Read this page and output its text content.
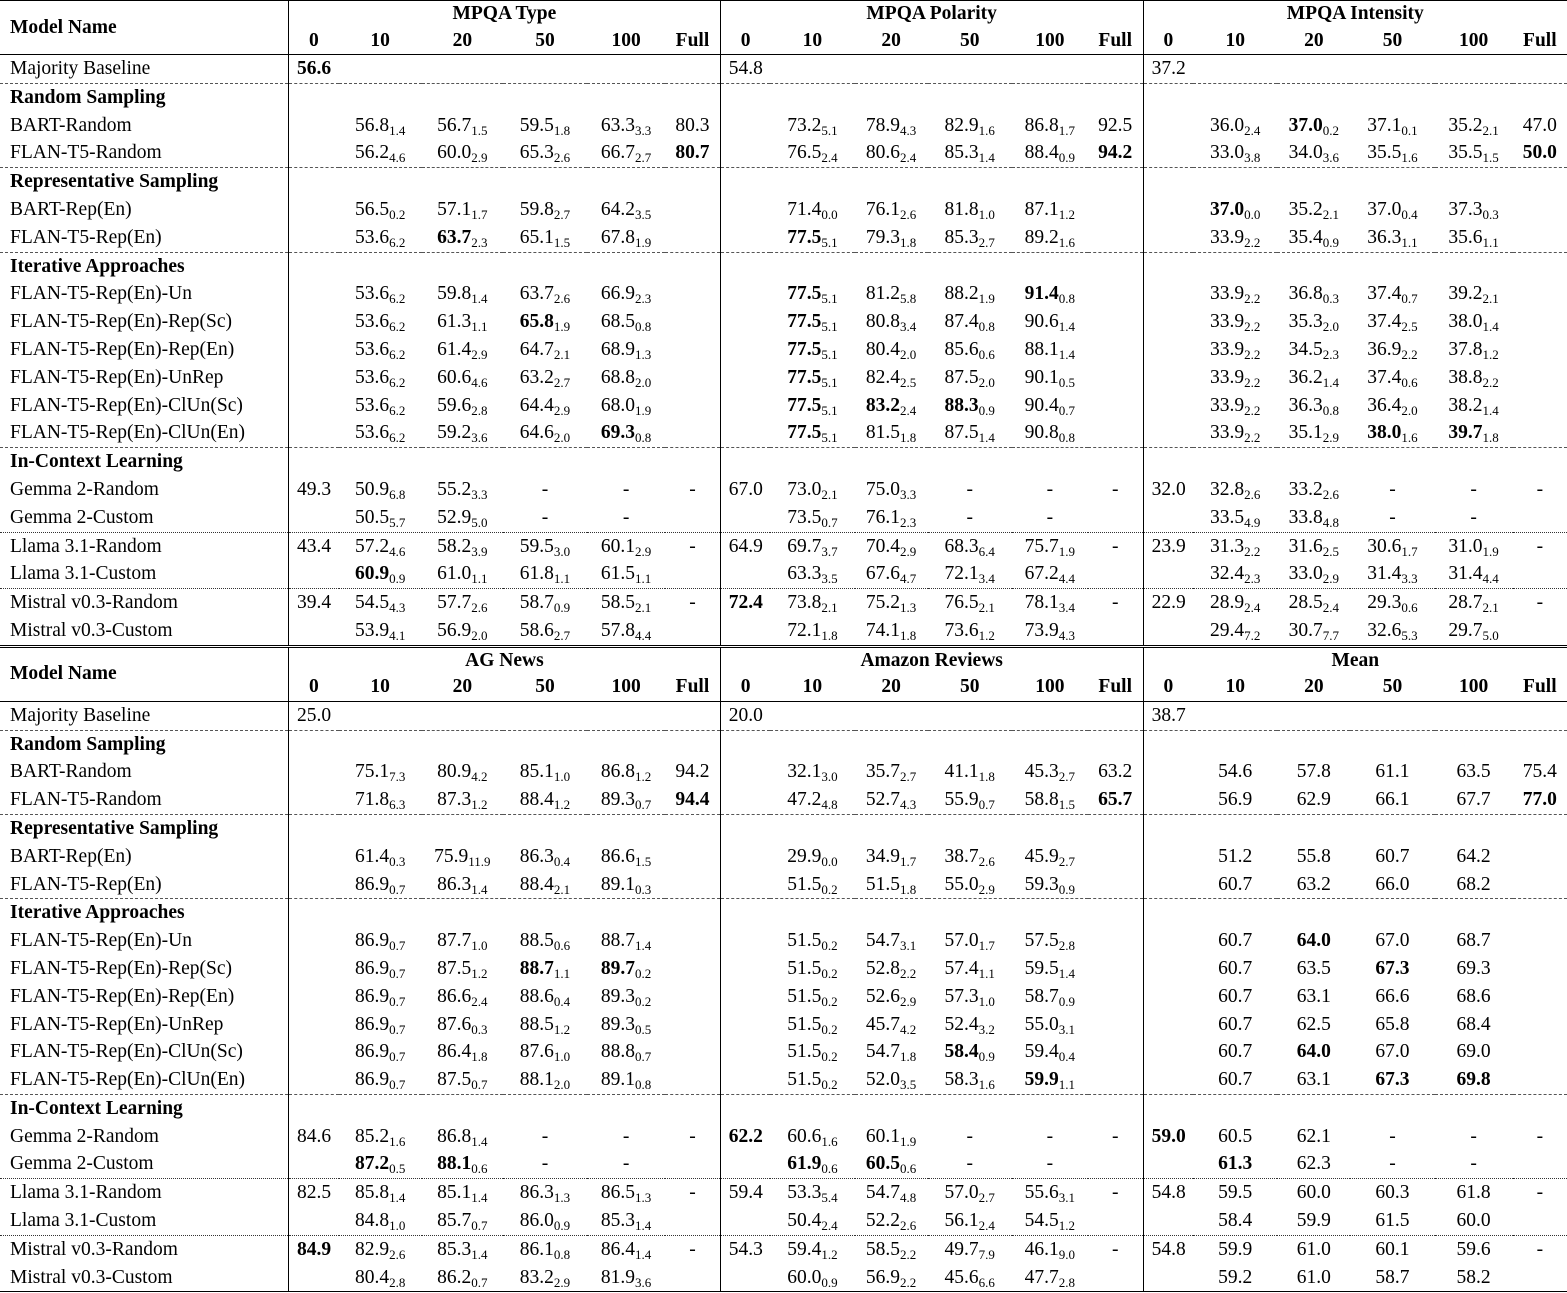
Model Name	MPQA Type						MPQA Polarity						MPQA Intensity					
	0	10	20	50	100	Full	0	10	20	50	100	Full	0	10	20	50	100	Full
Majority Baseline	56.6						54.8						37.2					
Random Sampling																		
BART-Random		$56.8_{1.4}$	$56.7_{1.5}$	$59.5_{1.8}$	$63.3_{3.3}$	80.3		$73.2_{5.1}$	$78.9_{4.3}$	$82.9_{1.6}$	$86.8_{1.7}$	92.5		$36.0_{2.4}$	$37.0_{0.2}$	$37.1_{0.1}$	$35.2_{2.1}$	47.0
FLAN-T5-Random		$56.2_{4.6}$	$60.0_{2.9}$	$65.3_{2.6}$	$66.7_{2.7}$	80.7		$76.5_{2.4}$	$80.6_{2.4}$	$85.3_{1.4}$	$88.4_{0.9}$	94.2		$33.0_{3.8}$	$34.0_{3.6}$	$35.5_{1.6}$	$35.5_{1.5}$	50.0
Representative Sampling																		
BART-Rep(En)		$56.5_{0.2}$	$57.1_{1.7}$	$59.8_{2.7}$	$64.2_{3.5}$			$71.4_{0.0}$	$76.1_{2.6}$	$81.8_{1.0}$	$87.1_{1.2}$			$37.0_{0.0}$	$35.2_{2.1}$	$37.0_{0.4}$	$37.3_{0.3}$	
FLAN-T5-Rep(En)		$53.6_{6.2}$	$63.7_{2.3}$	$65.1_{1.5}$	$67.8_{1.9}$			$77.5_{5.1}$	$79.3_{1.8}$	$85.3_{2.7}$	$89.2_{1.6}$			$33.9_{2.2}$	$35.4_{0.9}$	$36.3_{1.1}$	$35.6_{1.1}$	
Iterative Approaches																		
FLAN-T5-Rep(En)-Un		$53.6_{6.2}$	$59.8_{1.4}$	$63.7_{2.6}$	$66.9_{2.3}$			$77.5_{5.1}$	$81.2_{5.8}$	$88.2_{1.9}$	$91.4_{0.8}$			$33.9_{2.2}$	$36.8_{0.3}$	$37.4_{0.7}$	$39.2_{2.1}$	
FLAN-T5-Rep(En)-Rep(Sc)		$53.6_{6.2}$	$61.3_{1.1}$	$65.8_{1.9}$	$68.5_{0.8}$			$77.5_{5.1}$	$80.8_{3.4}$	$87.4_{0.8}$	$90.6_{1.4}$			$33.9_{2.2}$	$35.3_{2.0}$	$37.4_{2.5}$	$38.0_{1.4}$	
FLAN-T5-Rep(En)-Rep(En)		$53.6_{6.2}$	$61.4_{2.9}$	$64.7_{2.1}$	$68.9_{1.3}$			$77.5_{5.1}$	$80.4_{2.0}$	$85.6_{0.6}$	$88.1_{1.4}$			$33.9_{2.2}$	$34.5_{2.3}$	$36.9_{2.2}$	$37.8_{1.2}$	
FLAN-T5-Rep(En)-UnRep		$53.6_{6.2}$	$60.6_{4.6}$	$63.2_{2.7}$	$68.8_{2.0}$			$77.5_{5.1}$	$82.4_{2.5}$	$87.5_{2.0}$	$90.1_{0.5}$			$33.9_{2.2}$	$36.2_{1.4}$	$37.4_{0.6}$	$38.8_{2.2}$	
FLAN-T5-Rep(En)-ClUn(Sc)		$53.6_{6.2}$	$59.6_{2.8}$	$64.4_{2.9}$	$68.0_{1.9}$			$77.5_{5.1}$	$83.2_{2.4}$	$88.3_{0.9}$	$90.4_{0.7}$			$33.9_{2.2}$	$36.3_{0.8}$	$36.4_{2.0}$	$38.2_{1.4}$	
FLAN-T5-Rep(En)-ClUn(En)		$53.6_{6.2}$	$59.2_{3.6}$	$64.6_{2.0}$	$69.3_{0.8}$			$77.5_{5.1}$	$81.5_{1.8}$	$87.5_{1.4}$	$90.8_{0.8}$			$33.9_{2.2}$	$35.1_{2.9}$	$38.0_{1.6}$	$39.7_{1.8}$	
In-Context Learning																		
Gemma 2-Random	49.3	$50.9_{6.8}$	$55.2_{3.3}$	-	-	-	67.0	$73.0_{2.1}$	$75.0_{3.3}$	-	-	-	32.0	$32.8_{2.6}$	$33.2_{2.6}$	-	-	-
Gemma 2-Custom		$50.5_{5.7}$	$52.9_{5.0}$	-	-			$73.5_{0.7}$	$76.1_{2.3}$	-	-			$33.5_{4.9}$	$33.8_{4.8}$	-	-	
Llama 3.1-Random	43.4	$57.2_{4.6}$	$58.2_{3.9}$	$59.5_{3.0}$	$60.1_{2.9}$	-	64.9	$69.7_{3.7}$	$70.4_{2.9}$	$68.3_{6.4}$	$75.7_{1.9}$	-	23.9	$31.3_{2.2}$	$31.6_{2.5}$	$30.6_{1.7}$	$31.0_{1.9}$	-
Llama 3.1-Custom		$60.9_{0.9}$	$61.0_{1.1}$	$61.8_{1.1}$	$61.5_{1.1}$			$63.3_{3.5}$	$67.6_{4.7}$	$72.1_{3.4}$	$67.2_{4.4}$			$32.4_{2.3}$	$33.0_{2.9}$	$31.4_{3.3}$	$31.4_{4.4}$	
Mistral v0.3-Random	39.4	$54.5_{4.3}$	$57.7_{2.6}$	$58.7_{0.9}$	$58.5_{2.1}$	-	72.4	$73.8_{2.1}$	$75.2_{1.3}$	$76.5_{2.1}$	$78.1_{3.4}$	-	22.9	$28.9_{2.4}$	$28.5_{2.4}$	$29.3_{0.6}$	$28.7_{2.1}$	-
Mistral v0.3-Custom		$53.9_{4.1}$	$56.9_{2.0}$	$58.6_{2.7}$	$57.8_{4.4}$			$72.1_{1.8}$	$74.1_{1.8}$	$73.6_{1.2}$	$73.9_{4.3}$			$29.4_{7.2}$	$30.7_{7.7}$	$32.6_{5.3}$	$29.7_{5.0}$	
Model Name	AG News						Amazon Reviews						Mean					
	0	10	20	50	100	Full	0	10	20	50	100	Full	0	10	20	50	100	Full
Majority Baseline	25.0						20.0						38.7					
Random Sampling																		
BART-Random		$75.1_{7.3}$	$80.9_{4.2}$	$85.1_{1.0}$	$86.8_{1.2}$	94.2		$32.1_{3.0}$	$35.7_{2.7}$	$41.1_{1.8}$	$45.3_{2.7}$	63.2		54.6	57.8	61.1	63.5	75.4
FLAN-T5-Random		$71.8_{6.3}$	$87.3_{1.2}$	$88.4_{1.2}$	$89.3_{0.7}$	94.4		$47.2_{4.8}$	$52.7_{4.3}$	$55.9_{0.7}$	$58.8_{1.5}$	65.7		56.9	62.9	66.1	67.7	77.0
Representative Sampling																		
BART-Rep(En)		$61.4_{0.3}$	$75.9_{11.9}$	$86.3_{0.4}$	$86.6_{1.5}$			$29.9_{0.0}$	$34.9_{1.7}$	$38.7_{2.6}$	$45.9_{2.7}$			51.2	55.8	60.7	64.2	
FLAN-T5-Rep(En)		$86.9_{0.7}$	$86.3_{1.4}$	$88.4_{2.1}$	$89.1_{0.3}$			$51.5_{0.2}$	$51.5_{1.8}$	$55.0_{2.9}$	$59.3_{0.9}$			60.7	63.2	66.0	68.2	
Iterative Approaches																		
FLAN-T5-Rep(En)-Un		$86.9_{0.7}$	$87.7_{1.0}$	$88.5_{0.6}$	$88.7_{1.4}$			$51.5_{0.2}$	$54.7_{3.1}$	$57.0_{1.7}$	$57.5_{2.8}$			60.7	64.0	67.0	68.7	
FLAN-T5-Rep(En)-Rep(Sc)		$86.9_{0.7}$	$87.5_{1.2}$	$88.7_{1.1}$	$89.7_{0.2}$			$51.5_{0.2}$	$52.8_{2.2}$	$57.4_{1.1}$	$59.5_{1.4}$			60.7	63.5	67.3	69.3	
FLAN-T5-Rep(En)-Rep(En)		$86.9_{0.7}$	$86.6_{2.4}$	$88.6_{0.4}$	$89.3_{0.2}$			$51.5_{0.2}$	$52.6_{2.9}$	$57.3_{1.0}$	$58.7_{0.9}$			60.7	63.1	66.6	68.6	
FLAN-T5-Rep(En)-UnRep		$86.9_{0.7}$	$87.6_{0.3}$	$88.5_{1.2}$	$89.3_{0.5}$			$51.5_{0.2}$	$45.7_{4.2}$	$52.4_{3.2}$	$55.0_{3.1}$			60.7	62.5	65.8	68.4	
FLAN-T5-Rep(En)-ClUn(Sc)		$86.9_{0.7}$	$86.4_{1.8}$	$87.6_{1.0}$	$88.8_{0.7}$			$51.5_{0.2}$	$54.7_{1.8}$	$58.4_{0.9}$	$59.4_{0.4}$			60.7	64.0	67.0	69.0	
FLAN-T5-Rep(En)-ClUn(En)		$86.9_{0.7}$	$87.5_{0.7}$	$88.1_{2.0}$	$89.1_{0.8}$			$51.5_{0.2}$	$52.0_{3.5}$	$58.3_{1.6}$	$59.9_{1.1}$			60.7	63.1	67.3	69.8	
In-Context Learning																		
Gemma 2-Random	84.6	$85.2_{1.6}$	$86.8_{1.4}$	-	-	-	62.2	$60.6_{1.6}$	$60.1_{1.9}$	-	-	-	59.0	60.5	62.1	-	-	-
Gemma 2-Custom		$87.2_{0.5}$	$88.1_{0.6}$	-	-			$61.9_{0.6}$	$60.5_{0.6}$	-	-			61.3	62.3	-	-	
Llama 3.1-Random	82.5	$85.8_{1.4}$	$85.1_{1.4}$	$86.3_{1.3}$	$86.5_{1.3}$	-	59.4	$53.3_{5.4}$	$54.7_{4.8}$	$57.0_{2.7}$	$55.6_{3.1}$	-	54.8	59.5	60.0	60.3	61.8	-
Llama 3.1-Custom		$84.8_{1.0}$	$85.7_{0.7}$	$86.0_{0.9}$	$85.3_{1.4}$			$50.4_{2.4}$	$52.2_{2.6}$	$56.1_{2.4}$	$54.5_{1.2}$			58.4	59.9	61.5	60.0	
Mistral v0.3-Random	84.9	$82.9_{2.6}$	$85.3_{1.4}$	$86.1_{0.8}$	$86.4_{1.4}$	-	54.3	$59.4_{1.2}$	$58.5_{2.2}$	$49.7_{7.9}$	$46.1_{9.0}$	-	54.8	59.9	61.0	60.1	59.6	-
Mistral v0.3-Custom		$80.4_{2.8}$	$86.2_{0.7}$	$83.2_{2.9}$	$81.9_{3.6}$			$60.0_{0.9}$	$56.9_{2.2}$	$45.6_{6.6}$	$47.7_{2.8}$			59.2	61.0	58.7	58.2	
